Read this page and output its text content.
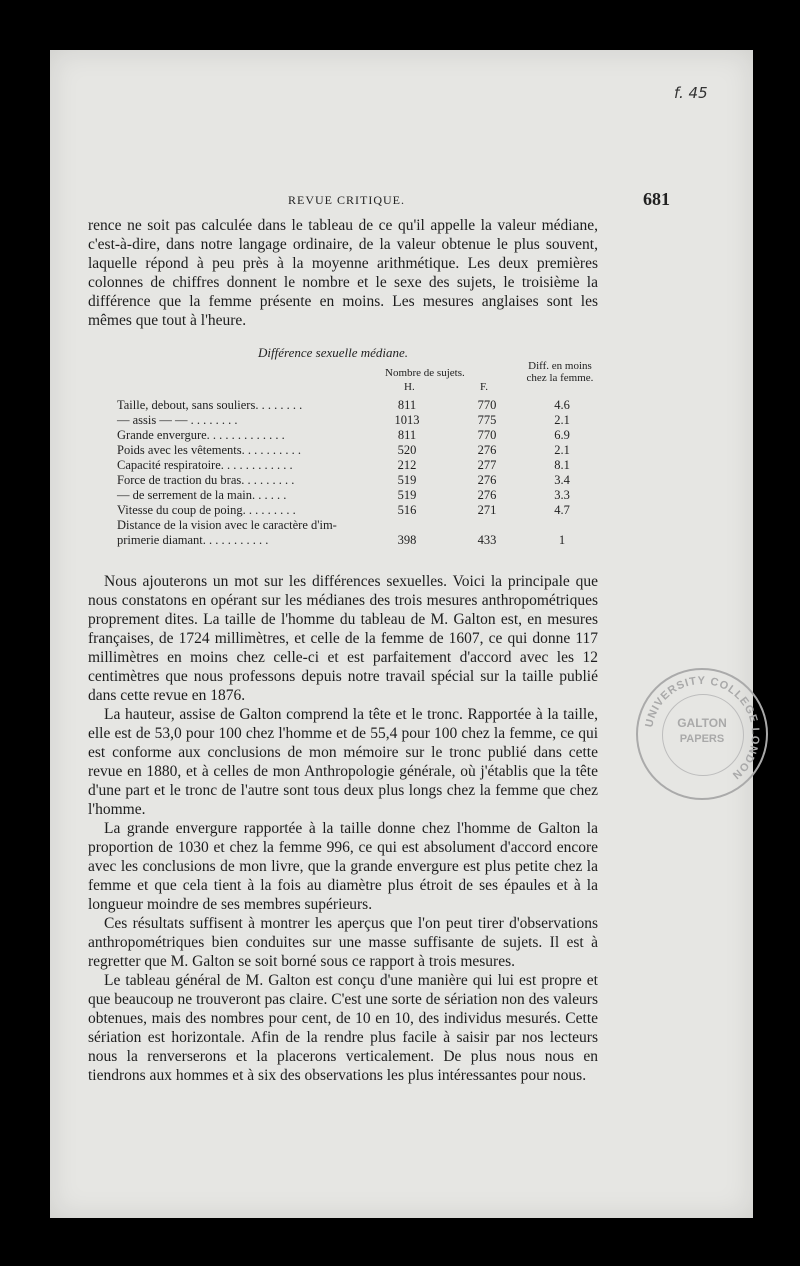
f. 45
REVUE CRITIQUE.	681

rence ne soit pas calculée dans le tableau de ce qu'il appelle la valeur médiane, c'est-à-dire, dans notre langage ordinaire, de la valeur obtenue le plus souvent, laquelle répond à peu près à la moyenne arithmétique. Les deux premières colonnes de chiffres donnent le nombre et le sexe des sujets, le troisième la différence que la femme présente en moins. Les mesures anglaises sont les mêmes que tout à l'heure.

Différence sexuelle médiane.
Nombre de sujets.
H.	F.
Diff. en moins chez la femme.
Taille, debout, sans souliers. . . . . . . .	811	770	4.6
— assis — — . . . . . . . .	1013	775	2.1
Grande envergure. . . . . . . . . . . . .	811	770	6.9
Poids avec les vêtements. . . . . . . . . .	520	276	2.1
Capacité respiratoire. . . . . . . . . . . .	212	277	8.1
Force de traction du bras. . . . . . . . .	519	276	3.4
— de serrement de la main. . . . . .	519	276	3.3
Vitesse du coup de poing. . . . . . . . .	516	271	4.7
Distance de la vision avec le caractère d'im-
primerie diamant. . . . . . . . . . .	398	433	1

Nous ajouterons un mot sur les différences sexuelles. Voici la principale que nous constatons en opérant sur les médianes des trois mesures anthropométriques proprement dites. La taille de l'homme du tableau de M. Galton est, en mesures françaises, de 1724 millimètres, et celle de la femme de 1607, ce qui donne 117 millimètres en moins chez celle-ci et est parfaitement d'accord avec les 12 centimètres que nous professons depuis notre travail spécial sur la taille publié dans cette revue en 1876.

La hauteur, assise de Galton comprend la tête et le tronc. Rapportée à la taille, elle est de 53,0 pour 100 chez l'homme et de 55,4 pour 100 chez la femme, ce qui est conforme aux conclusions de mon mémoire sur le tronc publié dans cette revue en 1880, et à celles de mon Anthropologie générale, où j'établis que la tête d'une part et le tronc de l'autre sont tous deux plus longs chez la femme que chez l'homme.

La grande envergure rapportée à la taille donne chez l'homme de Galton la proportion de 1030 et chez la femme 996, ce qui est absolument d'accord encore avec les conclusions de mon livre, que la grande envergure est plus petite chez la femme et que cela tient à la fois au diamètre plus étroit de ses épaules et à la longueur moindre de ses membres supérieurs.

Ces résultats suffisent à montrer les aperçus que l'on peut tirer d'observations anthropométriques bien conduites sur une masse suffisante de sujets. Il est à regretter que M. Galton se soit borné sous ce rapport à trois mesures.

Le tableau général de M. Galton est conçu d'une manière qui lui est propre et que beaucoup ne trouveront pas claire. C'est une sorte de sériation non des valeurs obtenues, mais des nombres pour cent, de 10 en 10, des individus mesurés. Cette sériation est horizontale. Afin de la rendre plus facile à saisir par nos lecteurs nous la renverserons et la placerons verticalement. De plus nous nous en tiendrons aux hommes et à six des observations les plus intéressantes pour nous.

UNIVERSITY COLLEGE LONDON
GALTON
PAPERS
